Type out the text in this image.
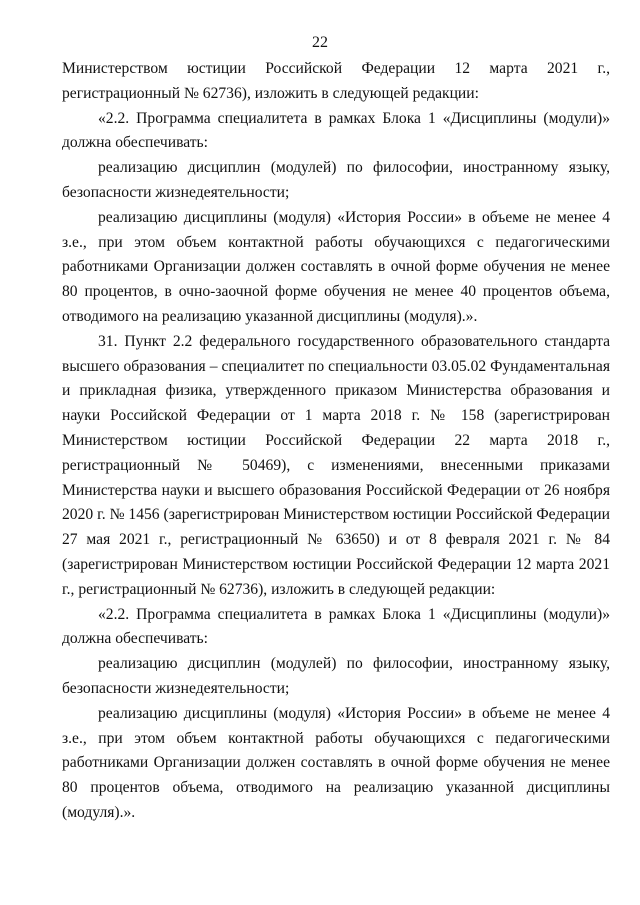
22

Министерством юстиции Российской Федерации 12 марта 2021 г., регистрационный № 62736), изложить в следующей редакции:

«2.2. Программа специалитета в рамках Блока 1 «Дисциплины (модули)» должна обеспечивать:

реализацию дисциплин (модулей) по философии, иностранному языку, безопасности жизнедеятельности;

реализацию дисциплины (модуля) «История России» в объеме не менее 4 з.е., при этом объем контактной работы обучающихся с педагогическими работниками Организации должен составлять в очной форме обучения не менее 80 процентов, в очно-заочной форме обучения не менее 40 процентов объема, отводимого на реализацию указанной дисциплины (модуля).».

31. Пункт 2.2 федерального государственного образовательного стандарта высшего образования – специалитет по специальности 03.05.02 Фундаментальная и прикладная физика, утвержденного приказом Министерства образования и науки Российской Федерации от 1 марта 2018 г. № 158 (зарегистрирован Министерством юстиции Российской Федерации 22 марта 2018 г., регистрационный № 50469), с изменениями, внесенными приказами Министерства науки и высшего образования Российской Федерации от 26 ноября 2020 г. № 1456 (зарегистрирован Министерством юстиции Российской Федерации 27 мая 2021 г., регистрационный № 63650) и от 8 февраля 2021 г. № 84 (зарегистрирован Министерством юстиции Российской Федерации 12 марта 2021 г., регистрационный № 62736), изложить в следующей редакции:

«2.2. Программа специалитета в рамках Блока 1 «Дисциплины (модули)» должна обеспечивать:

реализацию дисциплин (модулей) по философии, иностранному языку, безопасности жизнедеятельности;

реализацию дисциплины (модуля) «История России» в объеме не менее 4 з.е., при этом объем контактной работы обучающихся с педагогическими работниками Организации должен составлять в очной форме обучения не менее 80 процентов объема, отводимого на реализацию указанной дисциплины (модуля).».
